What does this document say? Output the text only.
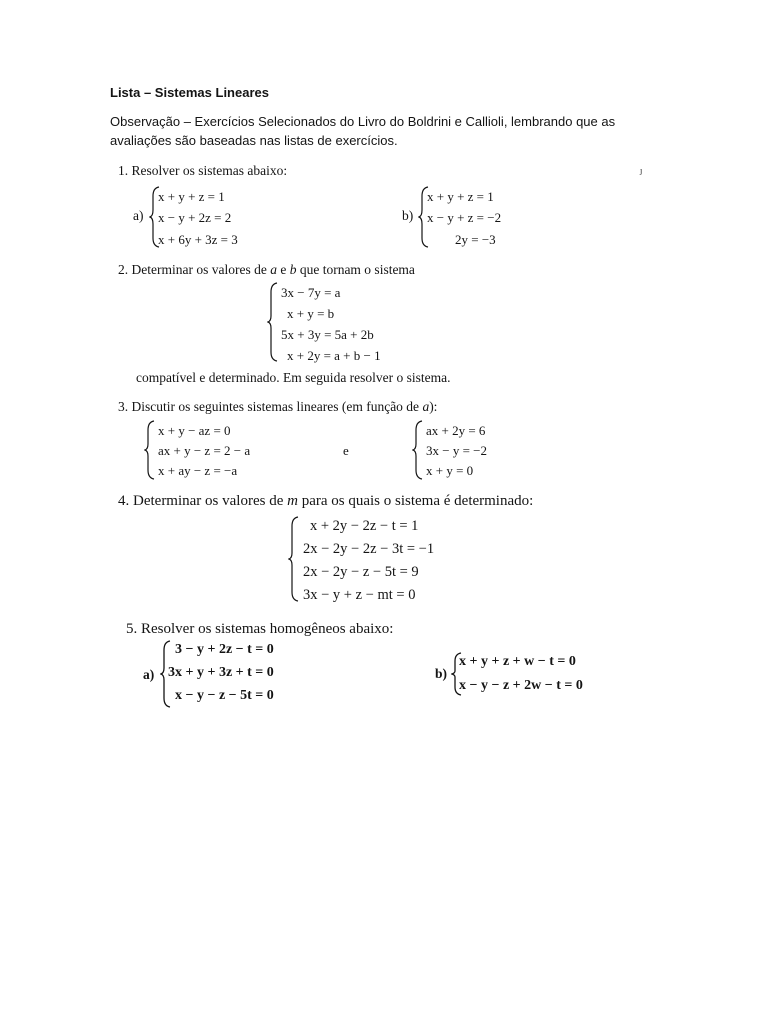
Lista – Sistemas Lineares
Observação – Exercícios Selecionados do Livro do Boldrini e Callioli, lembrando que as avaliações são baseadas nas listas de exercícios.
1. Resolver os sistemas abaixo:	ȷ
a)
x + y + z = 1
x − y + 2z = 2
x + 6y + 3z = 3
b)
x + y + z = 1
x − y + z = −2
2y = −3
2. Determinar os valores de a e b que tornam o sistema
3x − 7y = a
x + y = b
5x + 3y = 5a + 2b
x + 2y = a + b − 1
compatível e determinado. Em seguida resolver o sistema.
3. Discutir os seguintes sistemas lineares (em função de a):
x + y − az = 0
ax + y − z = 2 − a
x + ay − z = −a
e
ax + 2y = 6
3x − y = −2
x + y = 0
4. Determinar os valores de m para os quais o sistema é determinado:
x + 2y − 2z − t = 1
2x − 2y − 2z − 3t = −1
2x − 2y − z − 5t = 9
3x − y + z − mt = 0
5. Resolver os sistemas homogêneos abaixo:
a)
3 − y + 2z − t = 0
3x + y + 3z + t = 0
x − y − z − 5t = 0
b)
x + y + z + w − t = 0
x − y − z + 2w − t = 0
